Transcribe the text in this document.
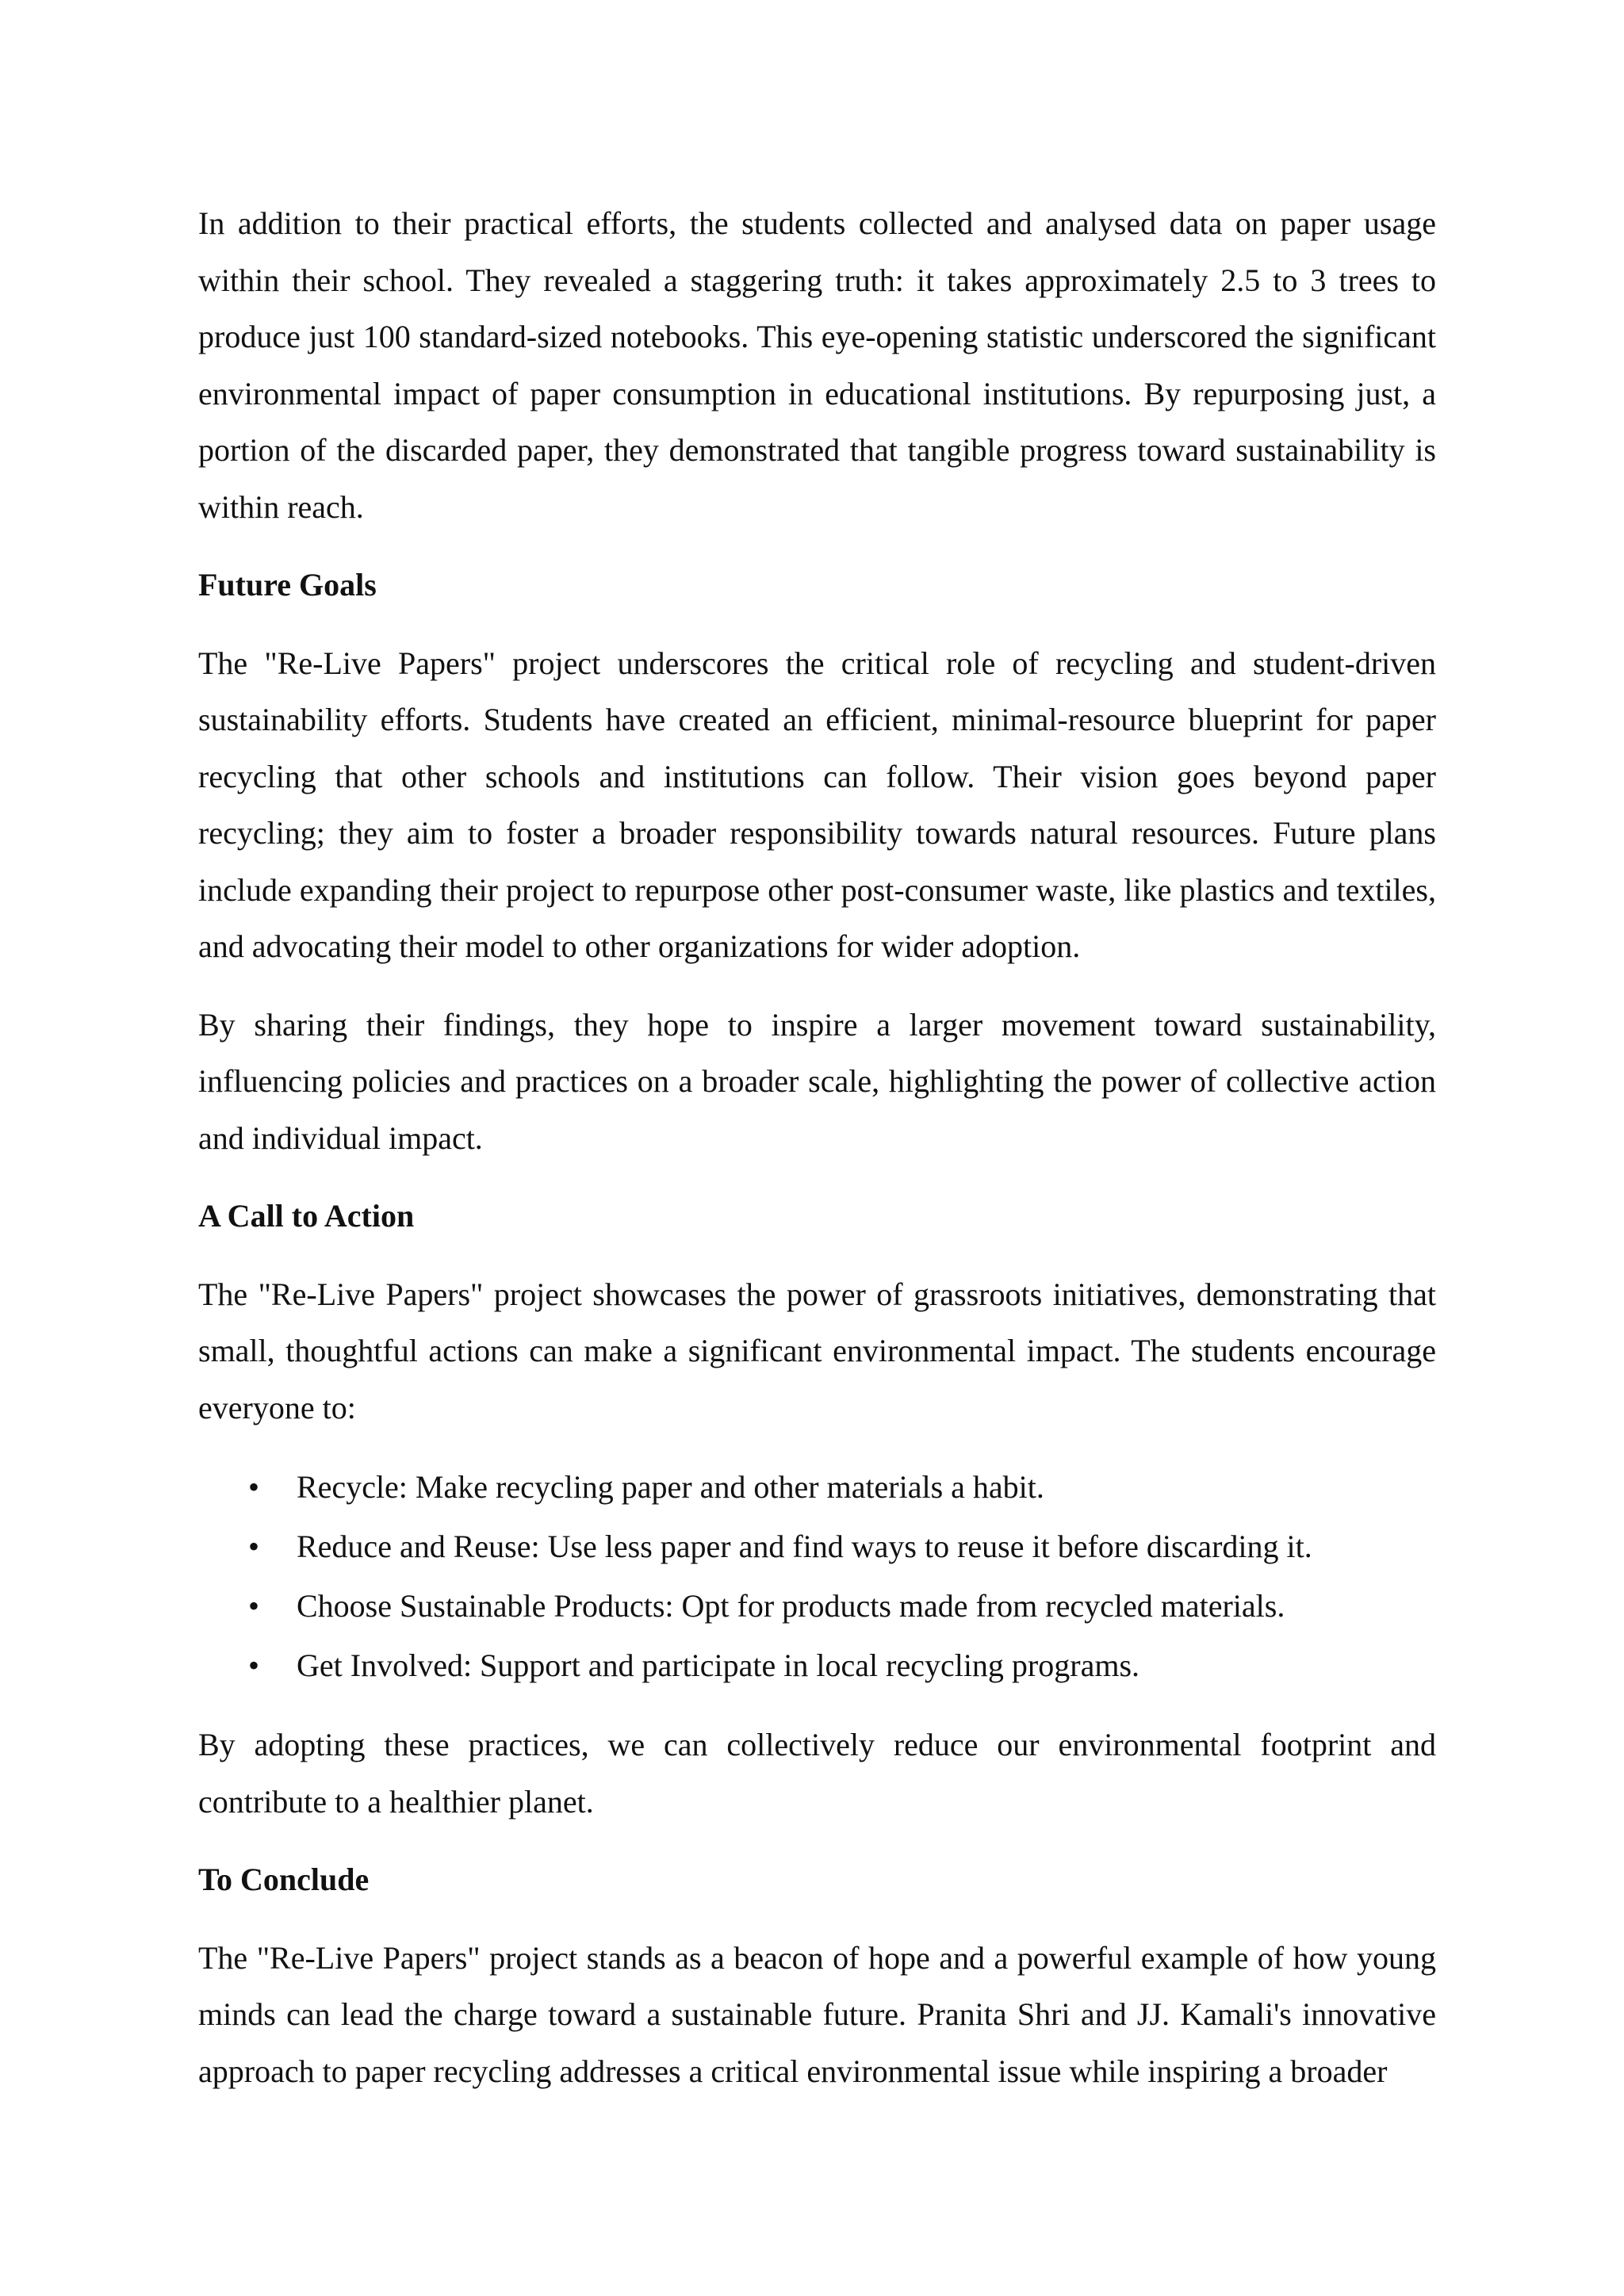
In addition to their practical efforts, the students collected and analysed data on paper usage within their school. They revealed a staggering truth: it takes approximately 2.5 to 3 trees to produce just 100 standard-sized notebooks. This eye-opening statistic underscored the significant environmental impact of paper consumption in educational institutions. By repurposing just, a portion of the discarded paper, they demonstrated that tangible progress toward sustainability is within reach.

Future Goals

The "Re-Live Papers" project underscores the critical role of recycling and student-driven sustainability efforts. Students have created an efficient, minimal-resource blueprint for paper recycling that other schools and institutions can follow. Their vision goes beyond paper recycling; they aim to foster a broader responsibility towards natural resources. Future plans include expanding their project to repurpose other post-consumer waste, like plastics and textiles, and advocating their model to other organizations for wider adoption.

By sharing their findings, they hope to inspire a larger movement toward sustainability, influencing policies and practices on a broader scale, highlighting the power of collective action and individual impact.

A Call to Action

The "Re-Live Papers" project showcases the power of grassroots initiatives, demonstrating that small, thoughtful actions can make a significant environmental impact. The students encourage everyone to:

• Recycle: Make recycling paper and other materials a habit.
• Reduce and Reuse: Use less paper and find ways to reuse it before discarding it.
• Choose Sustainable Products: Opt for products made from recycled materials.
• Get Involved: Support and participate in local recycling programs.

By adopting these practices, we can collectively reduce our environmental footprint and contribute to a healthier planet.

To Conclude

The "Re-Live Papers" project stands as a beacon of hope and a powerful example of how young minds can lead the charge toward a sustainable future. Pranita Shri and JJ. Kamali's innovative approach to paper recycling addresses a critical environmental issue while inspiring a broader
